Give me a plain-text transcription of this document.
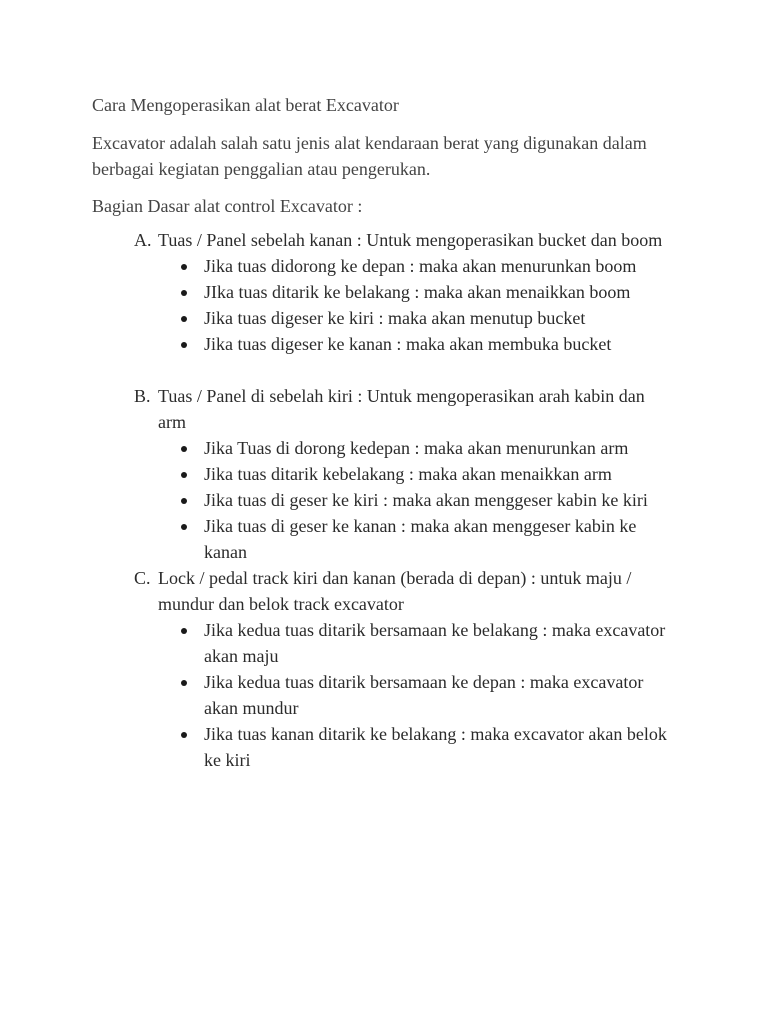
Cara Mengoperasikan alat berat Excavator

Excavator adalah salah satu jenis alat kendaraan berat yang digunakan dalam berbagai kegiatan penggalian atau pengerukan.

Bagian Dasar alat control Excavator :

A. Tuas / Panel sebelah kanan : Untuk mengoperasikan bucket dan boom
Jika tuas didorong ke depan : maka akan menurunkan boom
JIka tuas ditarik ke belakang : maka akan menaikkan boom
Jika tuas digeser ke kiri : maka akan menutup bucket
Jika tuas digeser ke kanan : maka akan membuka bucket
B. Tuas / Panel di sebelah kiri : Untuk mengoperasikan arah kabin dan arm
Jika Tuas di dorong kedepan : maka akan menurunkan arm
Jika tuas ditarik kebelakang : maka akan menaikkan arm
Jika tuas di geser ke kiri : maka akan menggeser kabin ke kiri
Jika tuas di geser ke kanan : maka akan menggeser kabin ke kanan
C. Lock / pedal track kiri dan kanan (berada di depan) : untuk maju / mundur dan belok track excavator
Jika kedua tuas ditarik bersamaan ke belakang : maka excavator akan maju
Jika kedua tuas ditarik bersamaan ke depan : maka excavator akan mundur
Jika tuas kanan ditarik ke belakang : maka excavator akan belok ke kiri
